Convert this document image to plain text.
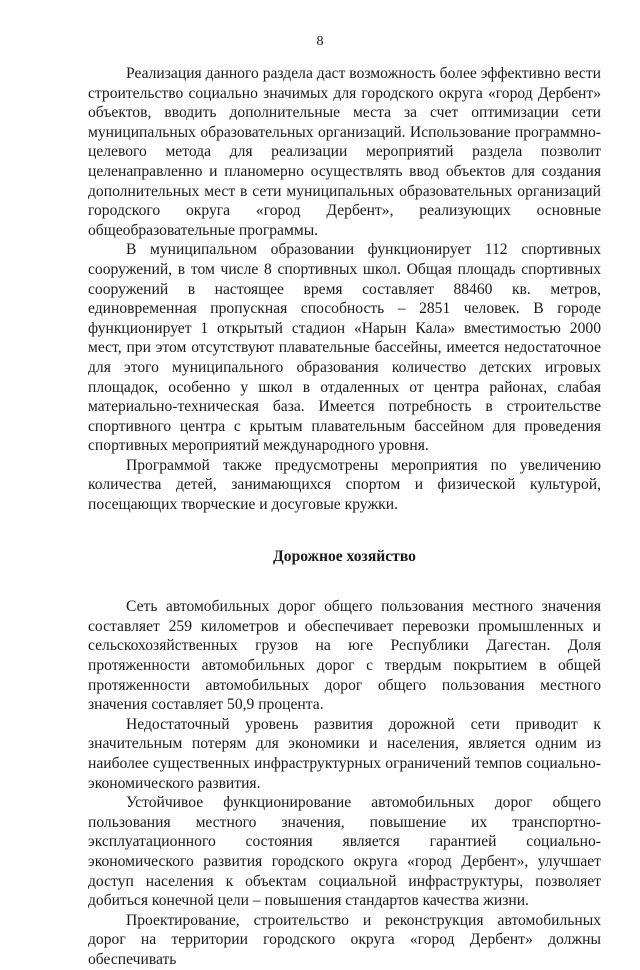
8

Реализация данного раздела даст возможность более эффективно вести строительство социально значимых для городского округа «город Дербент» объектов, вводить дополнительные места за счет оптимизации сети муниципальных образовательных организаций. Использование программно-целевого метода для реализации мероприятий раздела позволит целенаправленно и планомерно осуществлять ввод объектов для создания дополнительных мест в сети муниципальных образовательных организаций городского округа «город Дербент», реализующих основные общеобразовательные программы.

В муниципальном образовании функционирует 112 спортивных сооружений, в том числе 8 спортивных школ. Общая площадь спортивных сооружений в настоящее время составляет 88460 кв. метров, единовременная пропускная способность – 2851 человек. В городе функционирует 1 открытый стадион «Нарын Кала» вместимостью 2000 мест, при этом отсутствуют плавательные бассейны, имеется недостаточное для этого муниципального образования количество детских игровых площадок, особенно у школ в отдаленных от центра районах, слабая материально-техническая база. Имеется потребность в строительстве спортивного центра с крытым плавательным бассейном для проведения спортивных мероприятий международного уровня.

Программой также предусмотрены мероприятия по увеличению количества детей, занимающихся спортом и физической культурой, посещающих творческие и досуговые кружки.

Дорожное хозяйство

Сеть автомобильных дорог общего пользования местного значения составляет 259 километров и обеспечивает перевозки промышленных и сельскохозяйственных грузов на юге Республики Дагестан. Доля протяженности автомобильных дорог с твердым покрытием в общей протяженности автомобильных дорог общего пользования местного значения составляет 50,9 процента.

Недостаточный уровень развития дорожной сети приводит к значительным потерям для экономики и населения, является одним из наиболее существенных инфраструктурных ограничений темпов социально-экономического развития.

Устойчивое функционирование автомобильных дорог общего пользования местного значения, повышение их транспортно-эксплуатационного состояния является гарантией социально-экономического развития городского округа «город Дербент», улучшает доступ населения к объектам социальной инфраструктуры, позволяет добиться конечной цели – повышения стандартов качества жизни.

Проектирование, строительство и реконструкция автомобильных дорог на территории городского округа «город Дербент» должны обеспечивать
